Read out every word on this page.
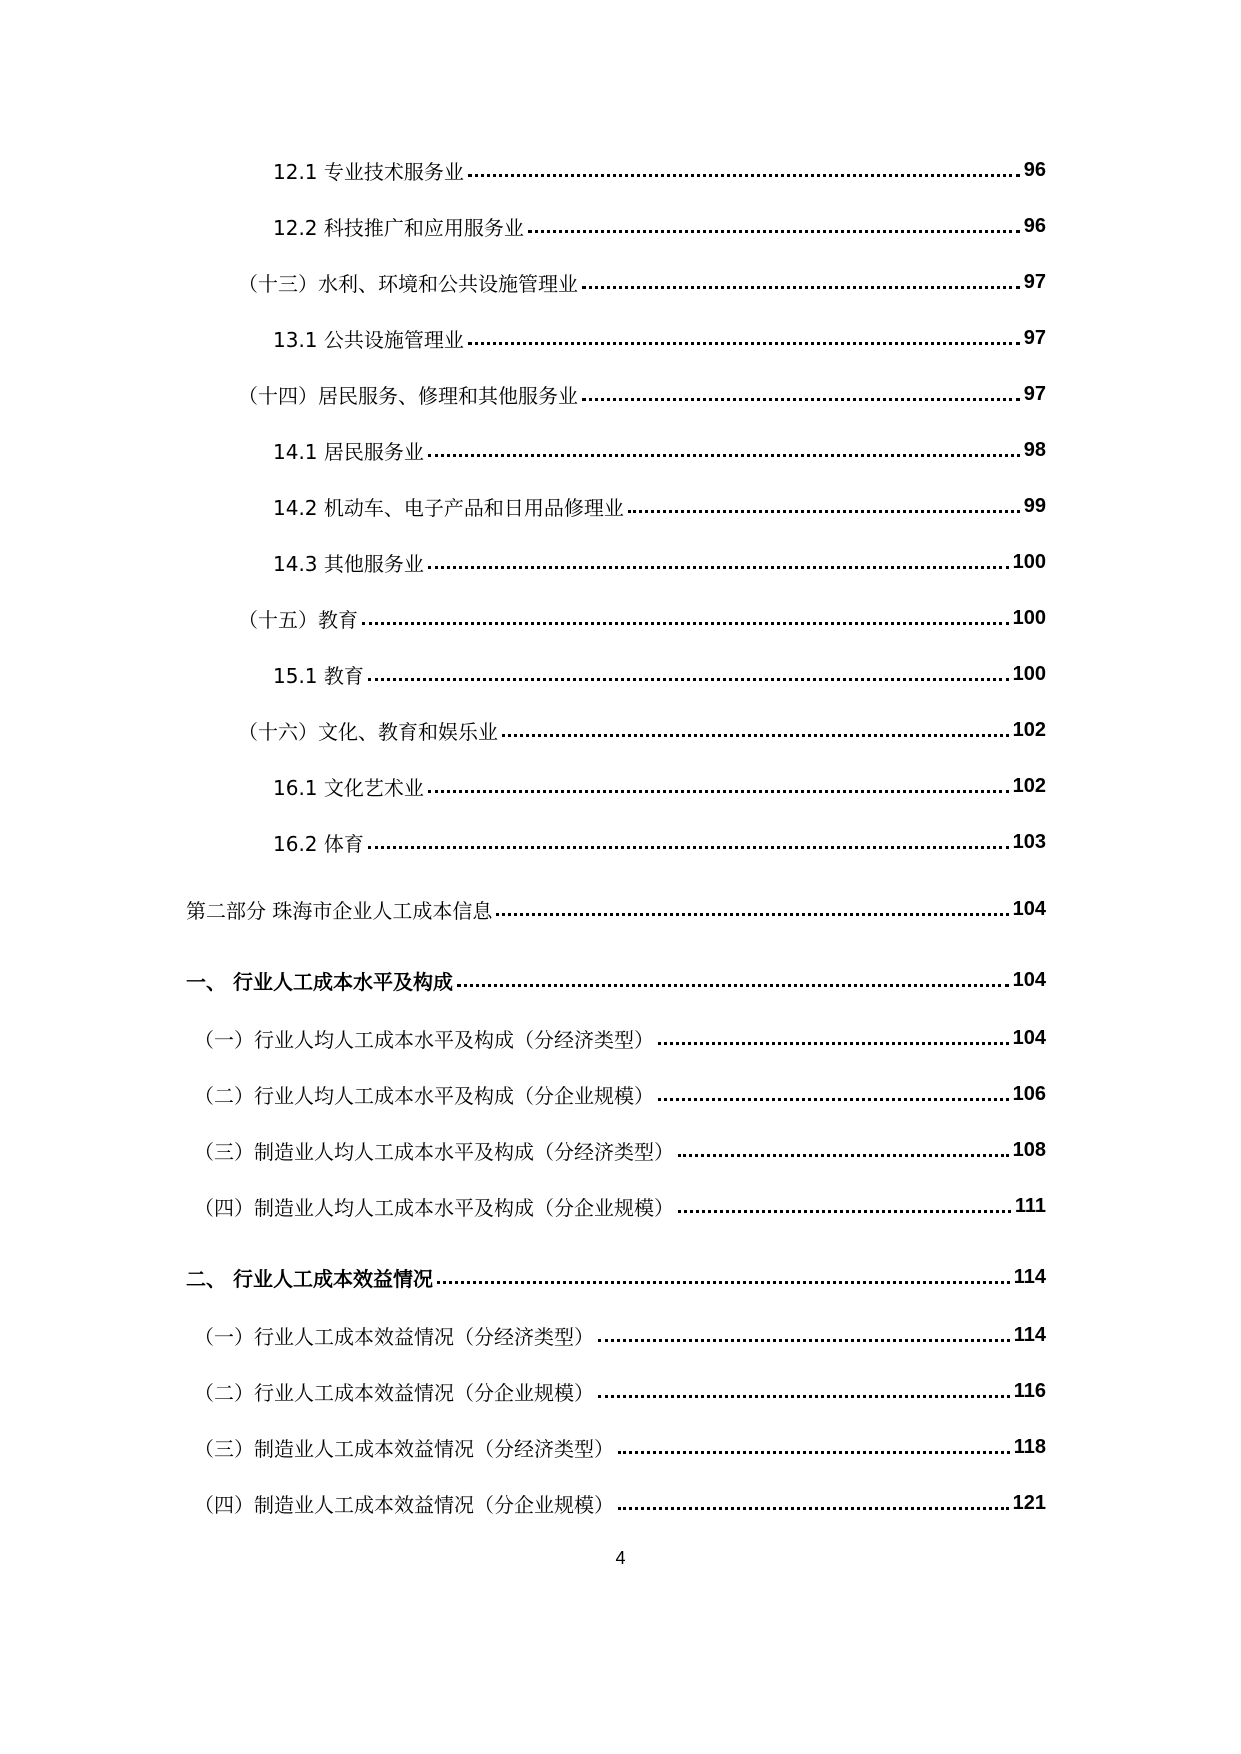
12.1 专业技术服务业	96
12.2 科技推广和应用服务业	96
（十三）水利、环境和公共设施管理业	97
13.1 公共设施管理业	97
（十四）居民服务、修理和其他服务业	97
14.1 居民服务业	98
14.2 机动车、电子产品和日用品修理业	99
14.3 其他服务业	100
（十五）教育	100
15.1 教育	100
（十六）文化、教育和娱乐业	102
16.1 文化艺术业	102
16.2 体育	103
第二部分 珠海市企业人工成本信息	104
一、 行业人工成本水平及构成	104
（一）行业人均人工成本水平及构成（分经济类型）	104
（二）行业人均人工成本水平及构成（分企业规模）	106
（三）制造业人均人工成本水平及构成（分经济类型）	108
（四）制造业人均人工成本水平及构成（分企业规模）	111
二、 行业人工成本效益情况	114
（一）行业人工成本效益情况（分经济类型）	114
（二）行业人工成本效益情况（分企业规模）	116
（三）制造业人工成本效益情况（分经济类型）	118
（四）制造业人工成本效益情况（分企业规模）	121
4
